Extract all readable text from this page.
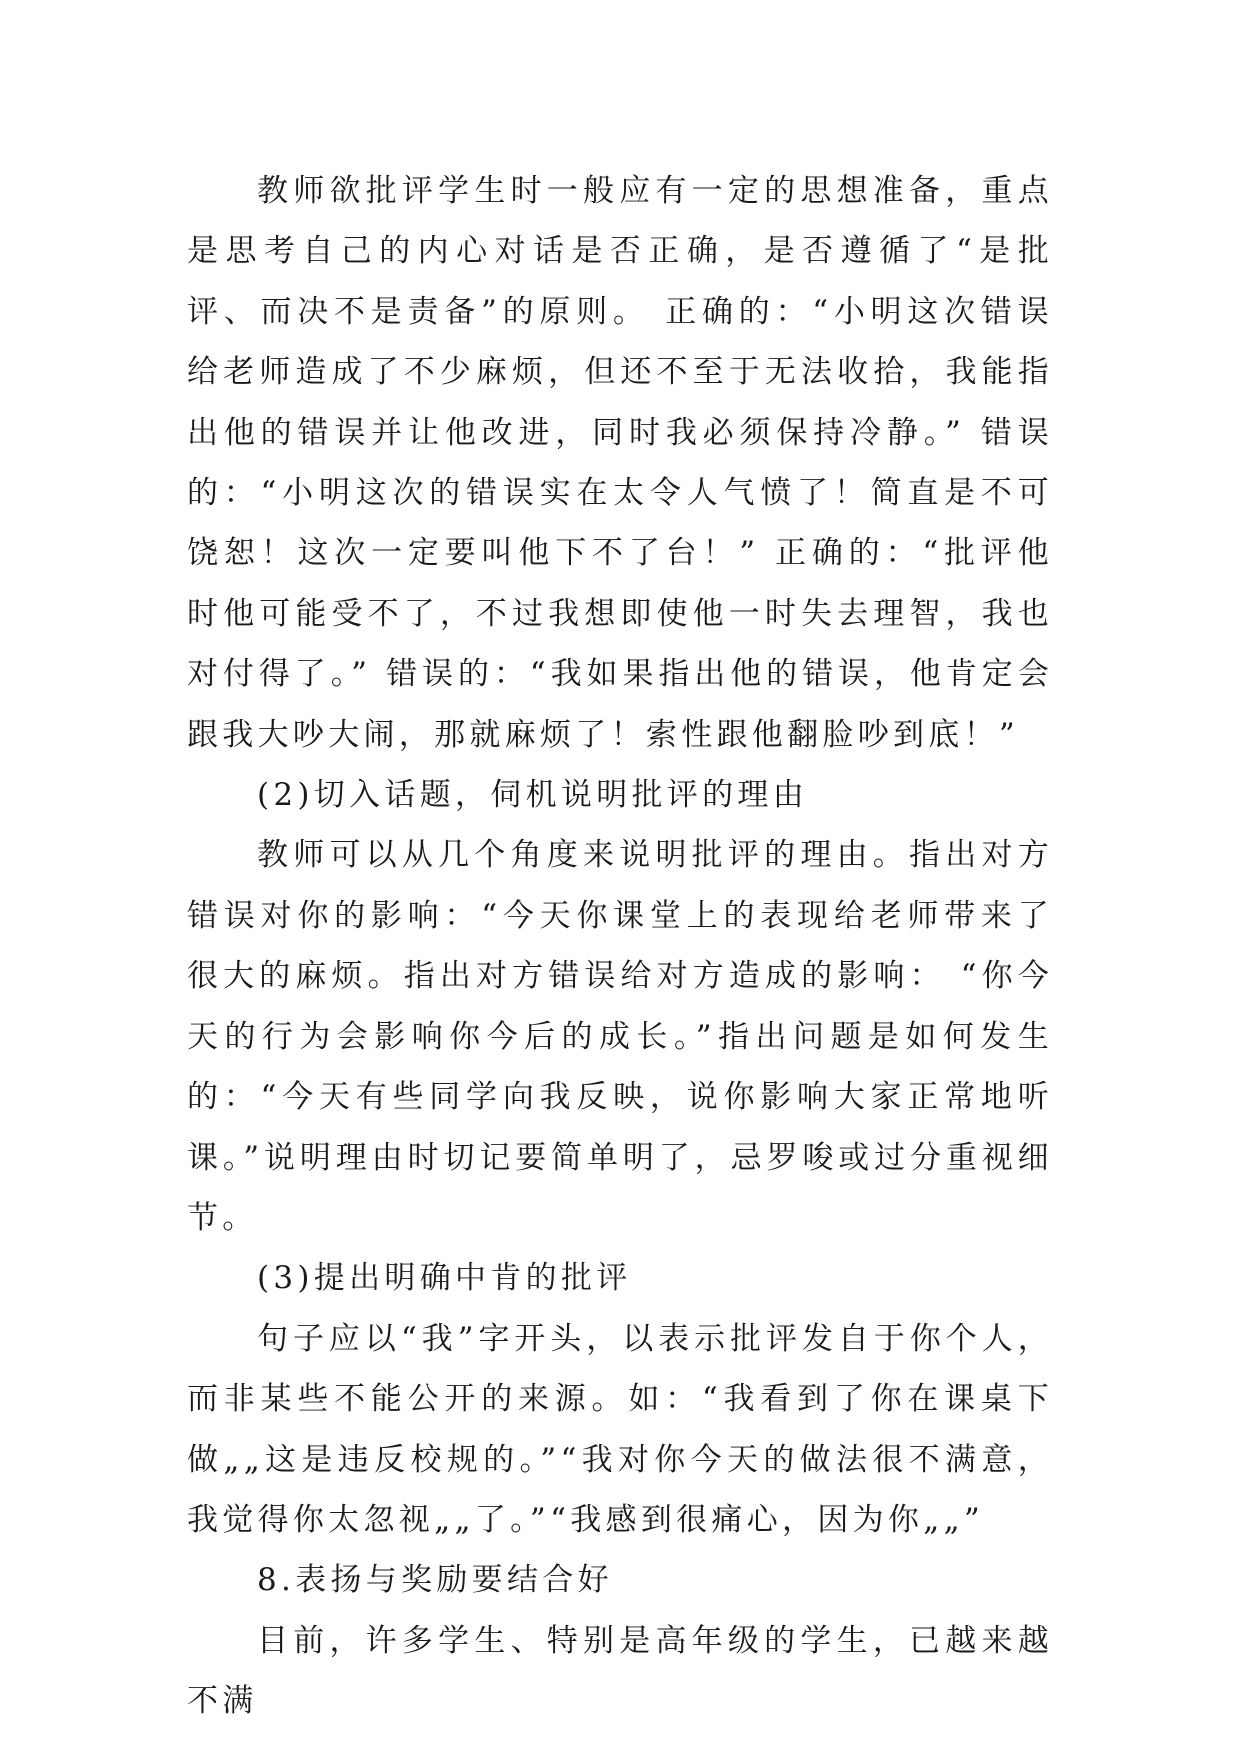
教师欲批评学生时一般应有一定的思想准备，重点是思考自己的内心对话是否正确，是否遵循了“是批评、而决不是责备”的原则。 正确的：“小明这次错误给老师造成了不少麻烦，但还不至于无法收拾，我能指出他的错误并让他改进，同时我必须保持冷静。” 错误的：“小明这次的错误实在太令人气愤了！简直是不可饶恕！这次一定要叫他下不了台！” 正确的：“批评他时他可能受不了，不过我想即使他一时失去理智，我也对付得了。” 错误的：“我如果指出他的错误，他肯定会跟我大吵大闹，那就麻烦了！索性跟他翻脸吵到底！”

(2)切入话题，伺机说明批评的理由

教师可以从几个角度来说明批评的理由。指出对方错误对你的影响：“今天你课堂上的表现给老师带来了很大的麻烦。指出对方错误给对方造成的影响： “你今天的行为会影响你今后的成长。”指出问题是如何发生的：“今天有些同学向我反映，说你影响大家正常地听课。”说明理由时切记要简单明了，忌罗唆或过分重视细节。

(3)提出明确中肯的批评

句子应以“我”字开头，以表示批评发自于你个人，而非某些不能公开的来源。如：“我看到了你在课桌下做„„这是违反校规的。”“我对你今天的做法很不满意，我觉得你太忽视„„了。”“我感到很痛心，因为你„„”

8.表扬与奖励要结合好

目前，许多学生、特别是高年级的学生，已越来越不满
